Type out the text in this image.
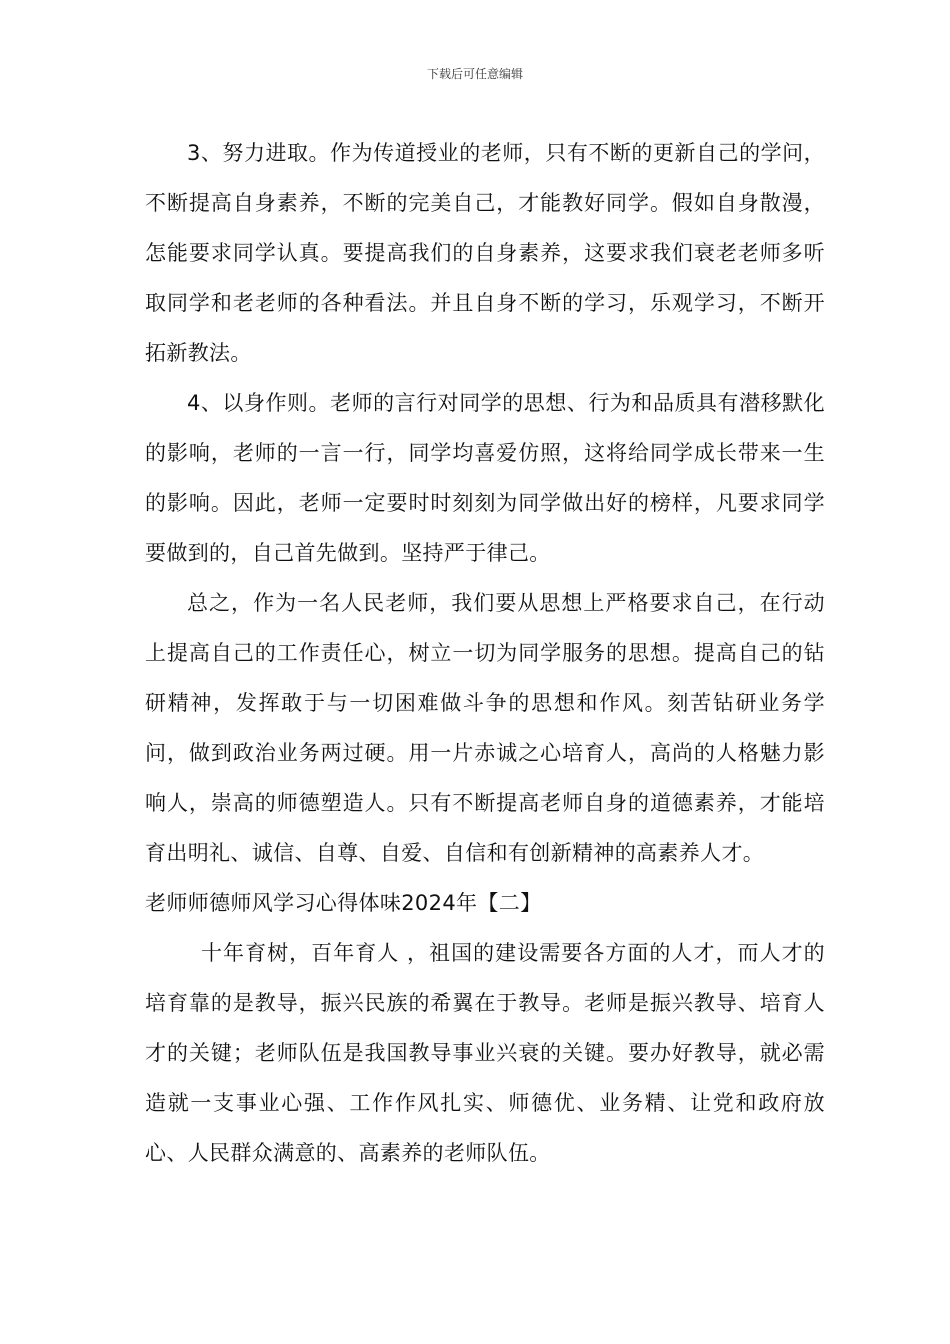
下载后可任意编辑

3、努力进取。作为传道授业的老师，只有不断的更新自己的学问，不断提高自身素养，不断的完美自己，才能教好同学。假如自身散漫，怎能要求同学认真。要提高我们的自身素养，这要求我们衰老老师多听取同学和老老师的各种看法。并且自身不断的学习，乐观学习，不断开拓新教法。

4、以身作则。老师的言行对同学的思想、行为和品质具有潜移默化的影响，老师的一言一行，同学均喜爱仿照，这将给同学成长带来一生的影响。因此，老师一定要时时刻刻为同学做出好的榜样，凡要求同学要做到的，自己首先做到。坚持严于律己。

总之，作为一名人民老师，我们要从思想上严格要求自己，在行动上提高自己的工作责任心，树立一切为同学服务的思想。提高自己的钻研精神，发挥敢于与一切困难做斗争的思想和作风。刻苦钻研业务学问，做到政治业务两过硬。用一片赤诚之心培育人，高尚的人格魅力影响人，崇高的师德塑造人。只有不断提高老师自身的道德素养，才能培育出明礼、诚信、自尊、自爱、自信和有创新精神的高素养人才。

老师师德师风学习心得体味2024年【二】

十年育树，百年育人 ，祖国的建设需要各方面的人才，而人才的培育靠的是教导，振兴民族的希翼在于教导。老师是振兴教导、培育人才的关键；老师队伍是我国教导事业兴衰的关键。要办好教导，就必需造就一支事业心强、工作作风扎实、师德优、业务精、让党和政府放心、人民群众满意的、高素养的老师队伍。
